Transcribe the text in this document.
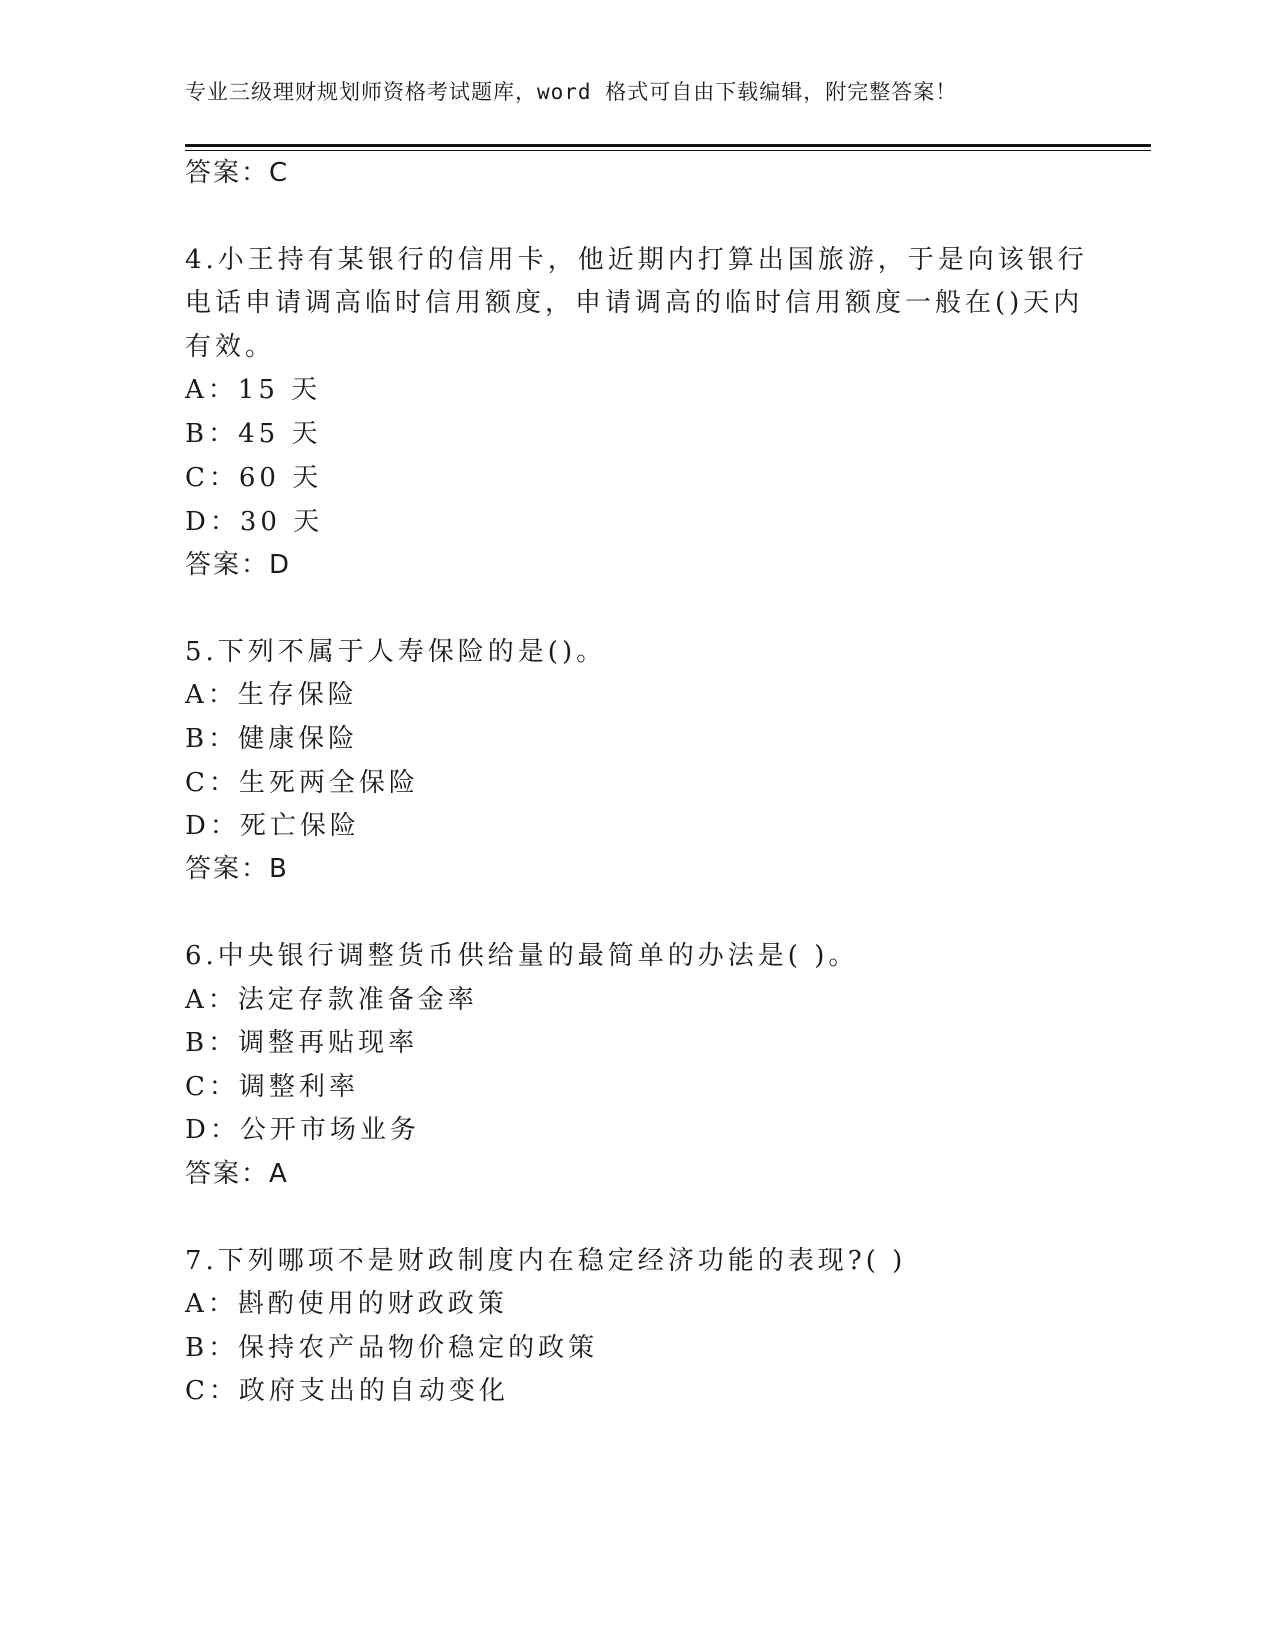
专业三级理财规划师资格考试题库，word 格式可自由下载编辑，附完整答案！
答案：C
4.小王持有某银行的信用卡，他近期内打算出国旅游，于是向该银行
电话申请调高临时信用额度，申请调高的临时信用额度一般在()天内
有效。
A：15 天
B：45 天
C：60 天
D：30 天
答案：D
5.下列不属于人寿保险的是()。
A：生存保险
B：健康保险
C：生死两全保险
D：死亡保险
答案：B
6.中央银行调整货币供给量的最简单的办法是( )。
A：法定存款准备金率
B：调整再贴现率
C：调整利率
D：公开市场业务
答案：A
7.下列哪项不是财政制度内在稳定经济功能的表现?( )
A：斟酌使用的财政政策
B：保持农产品物价稳定的政策
C：政府支出的自动变化
